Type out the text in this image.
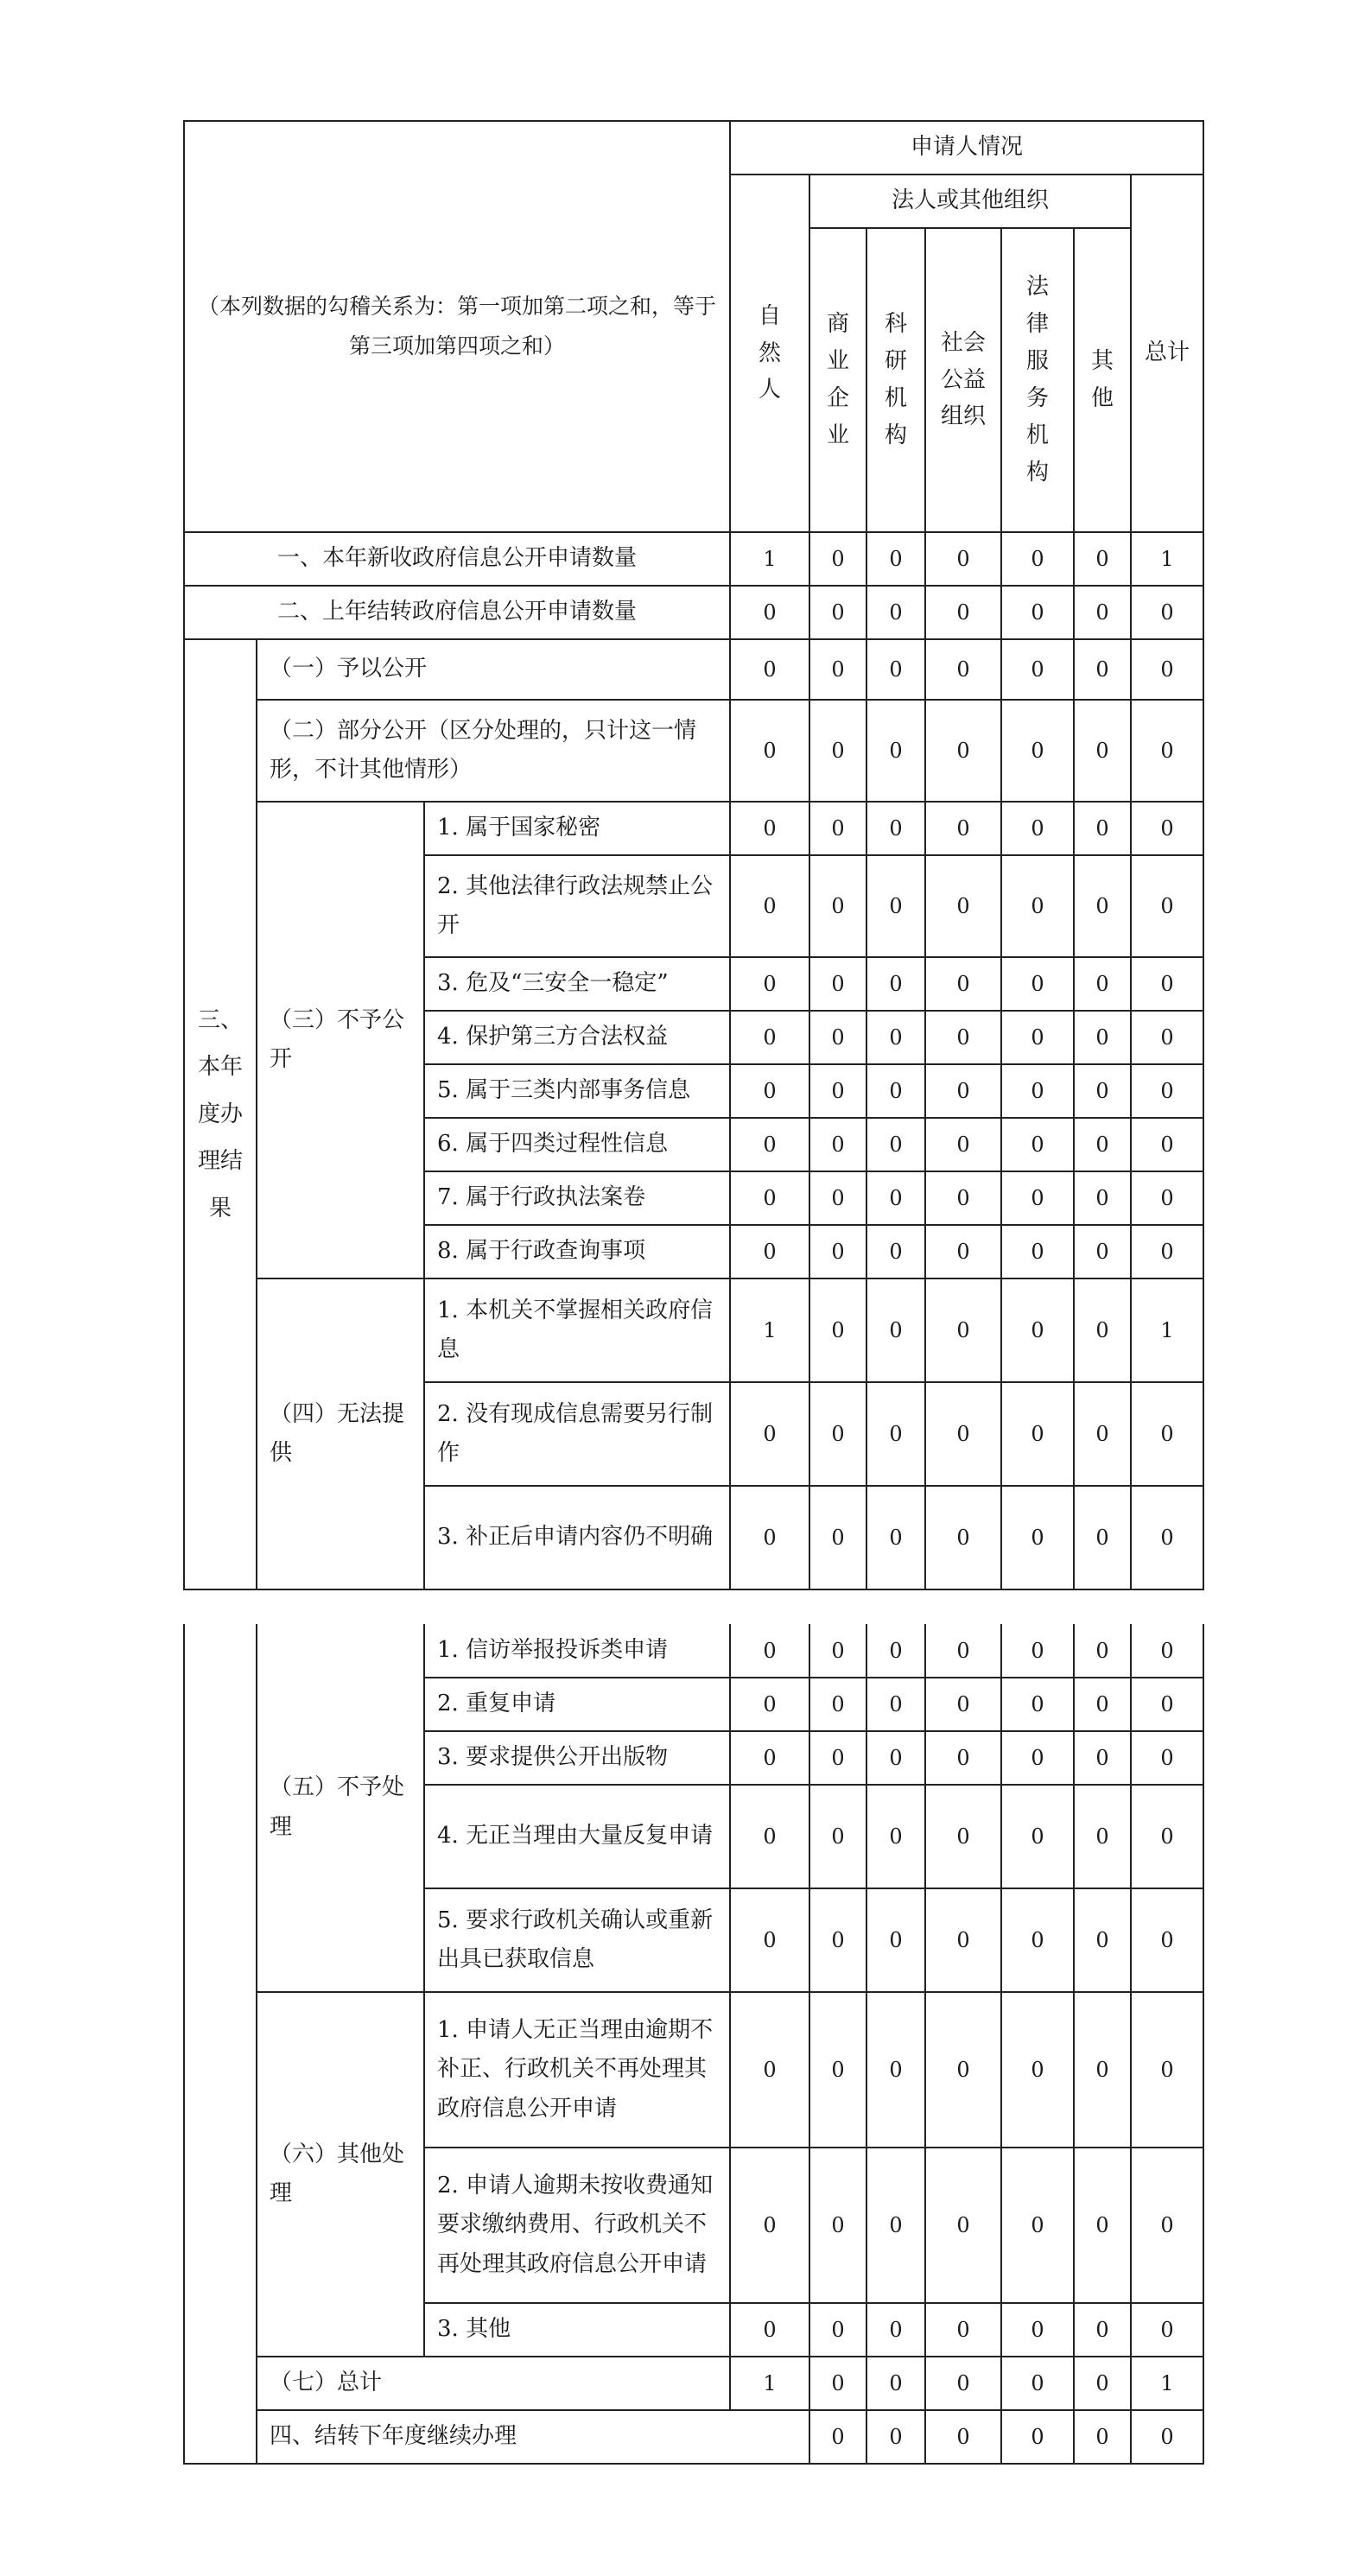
（本列数据的勾稽关系为：第一项加第二项之和，等于第三项加第四项之和）			申请人情况						
			自然人	法人或其他组织					总计
				商业企业	科研机构	社会公益组织	法律服务机构	其他	
一、本年新收政府信息公开申请数量			1	0	0	0	0	0	1
二、上年结转政府信息公开申请数量			0	0	0	0	0	0	0
三、本年度办理结果	（一）予以公开		0	0	0	0	0	0	0
	（二）部分公开（区分处理的，只计这一情形，不计其他情形）		0	0	0	0	0	0	0
	（三）不予公开	1. 属于国家秘密	0	0	0	0	0	0	0
		2. 其他法律行政法规禁止公开	0	0	0	0	0	0	0
		3. 危及“三安全一稳定”	0	0	0	0	0	0	0
		4. 保护第三方合法权益	0	0	0	0	0	0	0
		5. 属于三类内部事务信息	0	0	0	0	0	0	0
		6. 属于四类过程性信息	0	0	0	0	0	0	0
		7. 属于行政执法案卷	0	0	0	0	0	0	0
		8. 属于行政查询事项	0	0	0	0	0	0	0
	（四）无法提供	1. 本机关不掌握相关政府信息	1	0	0	0	0	0	1
		2. 没有现成信息需要另行制作	0	0	0	0	0	0	0
		3. 补正后申请内容仍不明确	0	0	0	0	0	0	0
	（五）不予处理	1. 信访举报投诉类申请	0	0	0	0	0	0	0	
		2. 重复申请	0	0	0	0	0	0	0	
		3. 要求提供公开出版物	0	0	0	0	0	0	0	
		4. 无正当理由大量反复申请	0	0	0	0	0	0	0	
		5. 要求行政机关确认或重新出具已获取信息	0	0	0	0	0	0	0	
	（六）其他处理	1. 申请人无正当理由逾期不补正、行政机关不再处理其政府信息公开申请	0	0	0	0	0	0	0	
		2. 申请人逾期未按收费通知要求缴纳费用、行政机关不再处理其政府信息公开申请	0	0	0	0	0	0	0	
		3. 其他	0	0	0	0	0	0	0	
	（七）总计		1	0	0	0	0	0	1	
	四、结转下年度继续办理			0	0	0	0	0	0	
